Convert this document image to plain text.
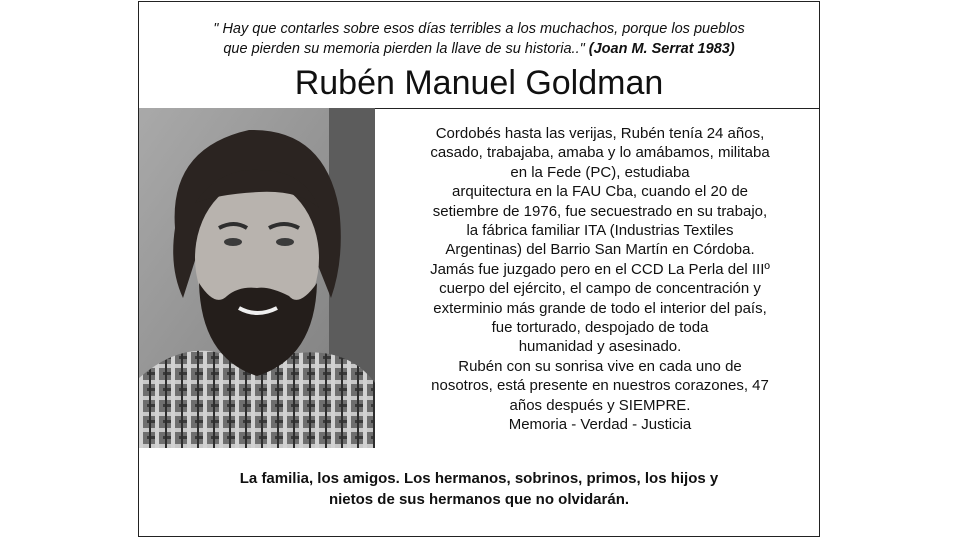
" Hay que contarles sobre esos días terribles a los muchachos, porque los pueblos
que pierden su memoria pierden la llave de su historia.." (Joan M. Serrat 1983)
Rubén Manuel Goldman
Cordobés hasta las verijas, Rubén tenía 24 años,
casado, trabajaba, amaba y lo amábamos, militaba
en la Fede (PC), estudiaba
arquitectura en la FAU Cba, cuando el 20 de
setiembre de 1976, fue secuestrado en su trabajo,
la fábrica familiar ITA (Industrias Textiles
Argentinas) del Barrio San Martín en Córdoba.
Jamás fue juzgado pero en el CCD La Perla del IIIº
cuerpo del ejército, el campo de concentración y
exterminio más grande de todo el interior del país,
fue torturado, despojado de toda
humanidad y asesinado.
Rubén con su sonrisa vive en cada uno de
nosotros, está presente en nuestros corazones, 47
años después y SIEMPRE.
Memoria - Verdad - Justicia
La familia, los amigos. Los hermanos, sobrinos, primos, los hijos y
nietos de sus hermanos que no olvidarán.
